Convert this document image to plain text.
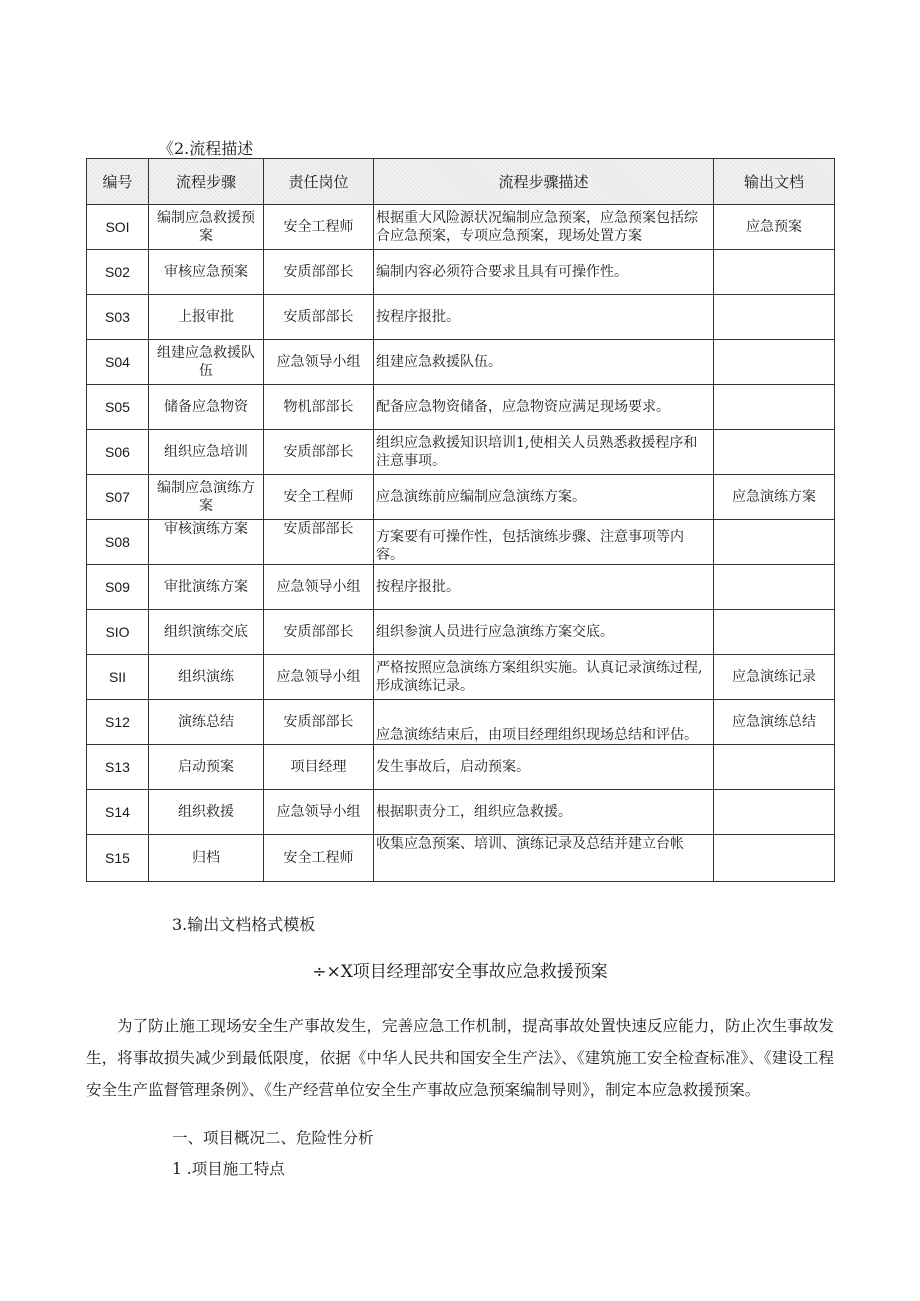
《2.流程描述
编号	流程步骤	责任岗位	流程步骤描述	输出文档
SOI	编制应急救援预案	安全工程师	根据重大风险源状况编制应急预案，应急预案包括综合应急预案，专项应急预案，现场处置方案	应急预案
S02	审核应急预案	安质部部长	编制内容必须符合要求且具有可操作性。	
S03	上报审批	安质部部长	按程序报批。	
S04	组建应急救援队伍	应急领导小组	组建应急救援队伍。	
S05	储备应急物资	物机部部长	配备应急物资储备，应急物资应满足现场要求。	
S06	组织应急培训	安质部部长	组织应急救援知识培训1,使相关人员熟悉救援程序和注意事项。	
S07	编制应急演练方案	安全工程师	应急演练前应编制应急演练方案。	应急演练方案
S08	审核演练方案	安质部部长	方案要有可操作性，包括演练步骤、注意事项等内容。	
S09	审批演练方案	应急领导小组	按程序报批。	
SIO	组织演练交底	安质部部长	组织参演人员进行应急演练方案交底。	
SII	组织演练	应急领导小组	严格按照应急演练方案组织实施。认真记录演练过程,形成演练记录。	应急演练记录
S12	演练总结	安质部部长	应急演练结束后，由项目经理组织现场总结和评估。	应急演练总结
S13	启动预案	项目经理	发生事故后，启动预案。	
S14	组织救援	应急领导小组	根据职责分工，组织应急救援。	
S15	归档	安全工程师	收集应急预案、培训、演练记录及总结并建立台帐	
3.输出文档格式模板
÷×X项目经理部安全事故应急救援预案
为了防止施工现场安全生产事故发生，完善应急工作机制，提高事故处置快速反应能力，防止次生事故发生，将事故损失减少到最低限度，依据《中华人民共和国安全生产法》、《建筑施工安全检查标准》、《建设工程安全生产监督管理条例》、《生产经营单位安全生产事故应急预案编制导则》，制定本应急救援预案。
一、项目概况二、危险性分析
1 .项目施工特点
